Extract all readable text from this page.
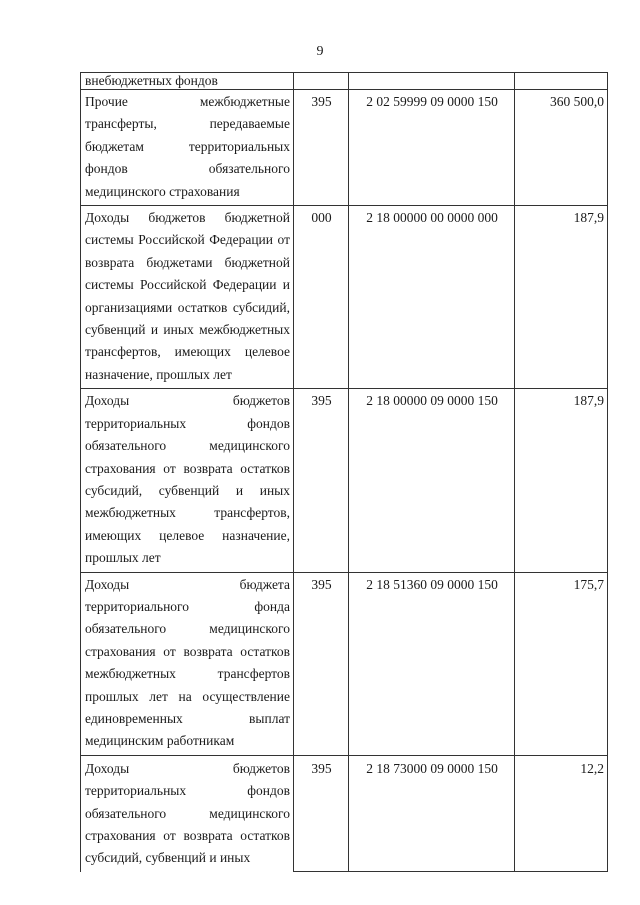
9
внебюджетных фондов			
Прочие межбюджетные трансферты, передаваемые бюджетам территориальных фондов обязательного медицинского страхования	395	2 02 59999 09 0000 150	360 500,0
Доходы бюджетов бюджетной системы Российской Федерации от возврата бюджетами бюджетной системы Российской Федерации и организациями остатков субсидий, субвенций и иных межбюджетных трансфертов, имеющих целевое назначение, прошлых лет	000	2 18 00000 00 0000 000	187,9
Доходы бюджетов территориальных фондов обязательного медицинского страхования от возврата остатков субсидий, субвенций и иных межбюджетных трансфертов, имеющих целевое назначение, прошлых лет	395	2 18 00000 09 0000 150	187,9
Доходы бюджета территориального фонда обязательного медицинского страхования от возврата остатков межбюджетных трансфертов прошлых лет на осуществление единовременных выплат медицинским работникам	395	2 18 51360 09 0000 150	175,7
Доходы бюджетов территориальных фондов обязательного медицинского страхования от возврата остатков субсидий, субвенций и иных	395	2 18 73000 09 0000 150	12,2
